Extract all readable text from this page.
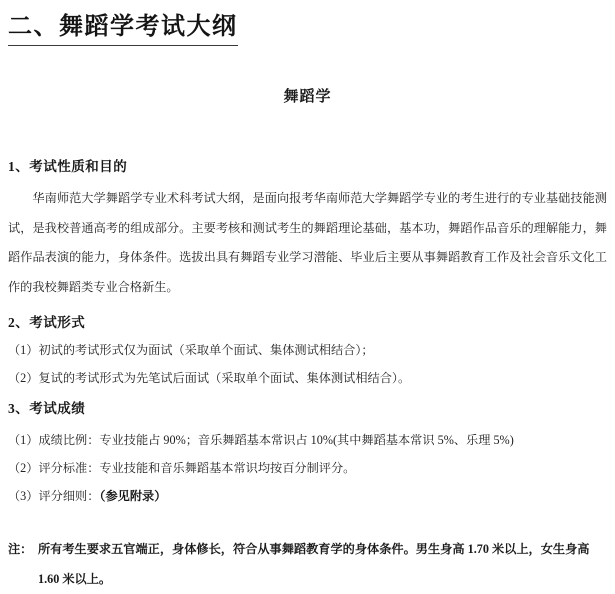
二、舞蹈学考试大纲
舞蹈学
1、考试性质和目的

华南师范大学舞蹈学专业术科考试大纲，是面向报考华南师范大学舞蹈学专业的考生进行的专业基础技能测试，是我校普通高考的组成部分。主要考核和测试考生的舞蹈理论基础，基本功，舞蹈作品音乐的理解能力，舞蹈作品表演的能力，身体条件。选拔出具有舞蹈专业学习潜能、毕业后主要从事舞蹈教育工作及社会音乐文化工作的我校舞蹈类专业合格新生。

2、考试形式
（1）初试的考试形式仅为面试（采取单个面试、集体测试相结合）；
（2）复试的考试形式为先笔试后面试（采取单个面试、集体测试相结合）。
3、考试成绩
（1）成绩比例：专业技能占 90%；音乐舞蹈基本常识占 10%(其中舞蹈基本常识 5%、乐理 5%)
（2）评分标准：专业技能和音乐舞蹈基本常识均按百分制评分。
（3）评分细则：（参见附录）
注： 所有考生要求五官端正，身体修长，符合从事舞蹈教育学的身体条件。男生身高 1.70 米以上，女生身高 1.60 米以上。
